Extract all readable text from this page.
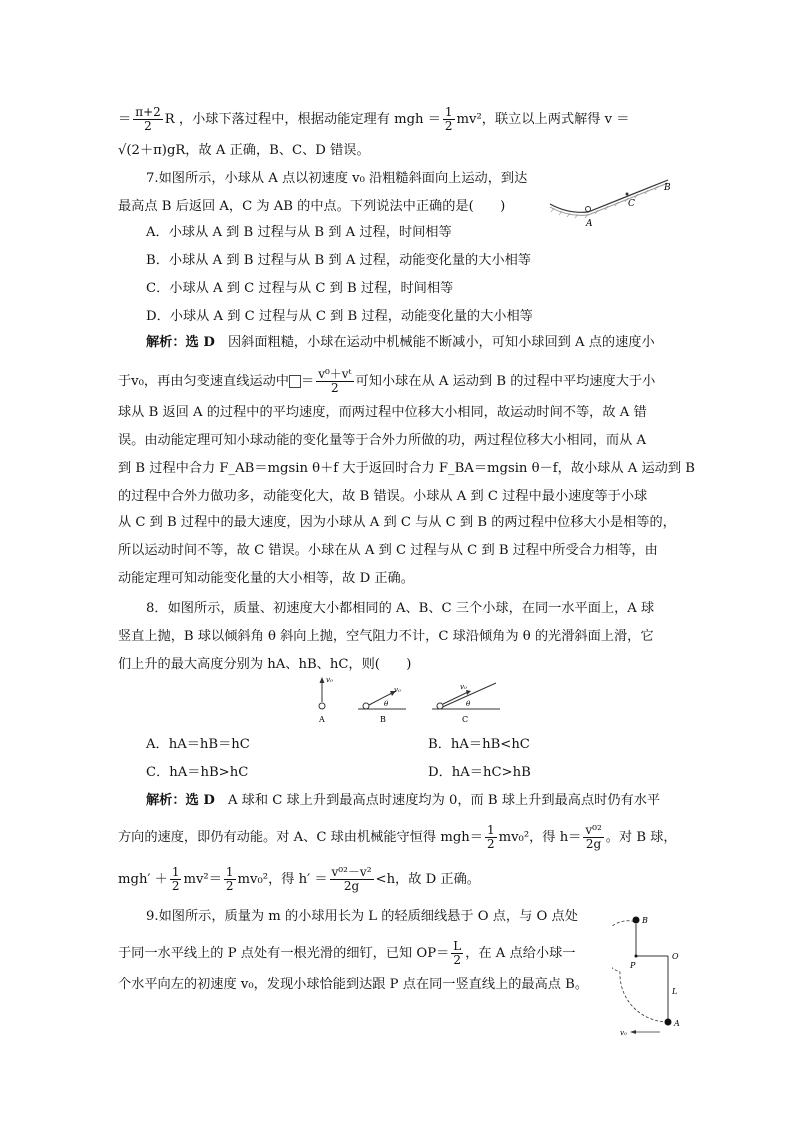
＝ $\frac{\pi+2}{2}$ R ，小球下落过程中，根据动能定理有 mgh ＝ $\frac{1}{2} mv^2$，联立以上两式解得 v ＝
√(2＋π)gR，故 A 正确，B、C、D 错误。
7.如图所示，小球从 A 点以初速度 v₀ 沿粗糙斜面向上运动，到达
最高点 B 后返回 A，C 为 AB 的中点。下列说法中正确的是(　　)
A．小球从 A 到 B 过程与从 B 到 A 过程，时间相等
B．小球从 A 到 B 过程与从 B 到 A 过程，动能变化量的大小相等
C．小球从 A 到 C 过程与从 C 到 B 过程，时间相等
D．小球从 A 到 C 过程与从 C 到 B 过程，动能变化量的大小相等
A
C
B
解析：选 D　 因斜面粗糙，小球在运动中机械能不断减小，可知小球回到 A 点的速度小
于v₀，再由匀变速直线运动中 ＝ $\frac{\text{v⁰＋vᵗ}}{2}$ 可知小球在从 A 运动到 B 的过程中平均速度大于小
球从 B 返回 A 的过程中的平均速度，而两过程中位移大小相同，故运动时间不等，故 A 错
误。由动能定理可知小球动能的变化量等于合外力所做的功，两过程位移大小相同，而从 A
到 B 过程中合力 F_AB＝mgsin θ＋f 大于返回时合力 F_BA＝mgsin θ－f，故小球从 A 运动到 B
的过程中合外力做功多，动能变化大，故 B 错误。小球从 A 到 C 过程中最小速度等于小球
从 C 到 B 过程中的最大速度，因为小球从 A 到 C 与从 C 到 B 的两过程中位移大小是相等的，
所以运动时间不等，故 C 错误。小球在从 A 到 C 过程与从 C 到 B 过程中所受合力相等，由
动能定理可知动能变化量的大小相等，故 D 正确。
8．如图所示，质量、初速度大小都相同的 A、B、C 三个小球，在同一水平面上，A 球
竖直上抛，B 球以倾斜角 θ 斜向上抛，空气阻力不计，C 球沿倾角为 θ 的光滑斜面上滑，它
们上升的最大高度分别为 hA、hB、hC，则(　　)
v₀
A
v₀
θ
B
v₀
θ
C
A．hA＝hB＝hC	B．hA＝hB<hC
C．hA＝hB>hC	D．hA＝hC>hB
解析：选 D　 A 球和 C 球上升到最高点时速度均为 0，而 B 球上升到最高点时仍有水平
方向的速度，即仍有动能。对 A、C 球由机械能守恒得 $mgh= \frac{1}{2} mv_0^2$，得 $h= \frac{\text{v⁰²}}{2g}$ 。对 B 球，
$mgh' + \frac{1}{2} mv^2= \frac{1}{2} mv_0^2$，得 $h' = \frac{\text{v⁰²－v²}}{2g} <h$，故 D 正确。
9.如图所示，质量为 m 的小球用长为 L 的轻质细线悬于 O 点，与 O 点处
于同一水平线上的 P 点处有一根光滑的细钉，已知 $OP= \frac{L}{2}$ ，在 A 点给小球一
个水平向左的初速度 v₀，发现小球恰能到达跟 P 点在同一竖直线上的最高点 B。
B
P
O
L
A
v₀
